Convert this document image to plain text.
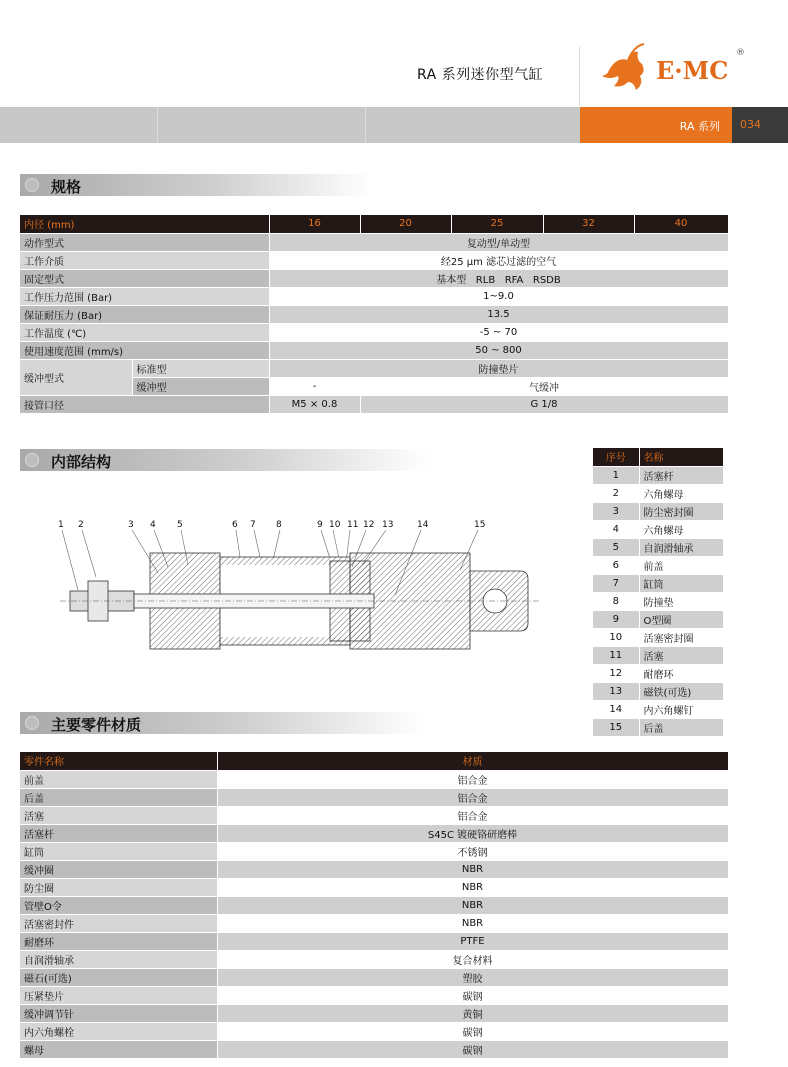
RA 系列迷你型气缸	E·MC
®
RA 系列 034
规格
内径 (mm)		16	20	25	32	40
动作型式		复动型/单动型				
工作介质		经25 μm 滤芯过滤的空气				
固定型式		基本型   RLB   RFA   RSDB				
工作压力范围 (Bar)		1~9.0				
保证耐压力 (Bar)		13.5				
工作温度 (℃)		-5 ~ 70				
使用速度范围 (mm/s)		50 ~ 800				
缓冲型式	标准型	防撞垫片				
	缓冲型	-	气缓冲			
接管口径		M5 × 0.8	G 1/8			
内部结构
1 2	3 4 5	6 7 8	9 10 11 12 13	14	15
序号	名称
1	活塞杆
2	六角螺母
3	防尘密封圈
4	六角螺母
5	自润滑轴承
6	前盖
7	缸筒
8	防撞垫
9	O型圈
10	活塞密封圈
11	活塞
12	耐磨环
13	磁铁(可选)
14	内六角螺钉
15	后盖
主要零件材质
零件名称	材质
前盖	铝合金
后盖	铝合金
活塞	铝合金
活塞杆	S45C 镀硬铬研磨棒
缸筒	不锈钢
缓冲圈	NBR
防尘圈	NBR
管壁O令	NBR
活塞密封件	NBR
耐磨环	PTFE
自润滑轴承	复合材料
磁石(可选)	塑胶
压紧垫片	碳钢
缓冲调节针	黄铜
内六角螺栓	碳钢
螺母	碳钢
